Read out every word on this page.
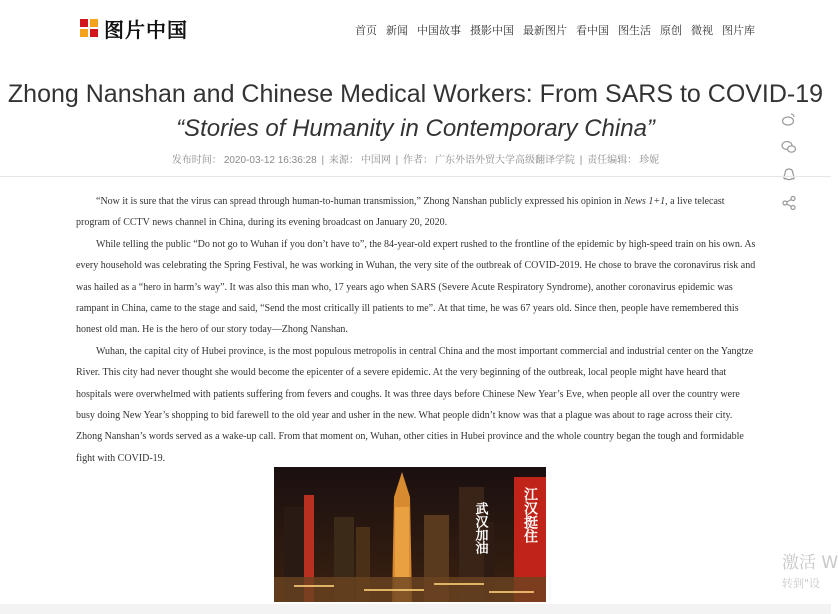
图片中国	首页 新闻 中国故事 摄影中国 最新图片 看中国 图生活 原创 微视 图片库
Zhong Nanshan and Chinese Medical Workers: From SARS to COVID-19
“Stories of Humanity in Contemporary China”
发布时间： 2020-03-12 16:36:28 | 来源： 中国网 | 作者： 广东外语外贸大学高级翻译学院 | 责任编辑： 珍妮

“Now it is sure that the virus can spread through human-to-human transmission,” Zhong Nanshan publicly expressed his opinion in News 1+1, a live telecast program of CCTV news channel in China, during its evening broadcast on January 20, 2020.

While telling the public “Do not go to Wuhan if you don’t have to”, the 84-year-old expert rushed to the frontline of the epidemic by high-speed train on his own. As every household was celebrating the Spring Festival, he was working in Wuhan, the very site of the outbreak of COVID-2019. He chose to brave the coronavirus risk and was hailed as a “hero in harm’s way”. It was also this man who, 17 years ago when SARS (Severe Acute Respiratory Syndrome), another coronavirus epidemic was rampant in China, came to the stage and said, “Send the most critically ill patients to me”. At that time, he was 67 years old. Since then, people have remembered this honest old man. He is the hero of our story today—Zhong Nanshan.

Wuhan, the capital city of Hubei province, is the most populous metropolis in central China and the most important commercial and industrial center on the Yangtze River. This city had never thought she would become the epicenter of a severe epidemic. At the very beginning of the outbreak, local people might have heard that hospitals were overwhelmed with patients suffering from fevers and coughs. It was three days before Chinese New Year’s Eve, when people all over the country were busy doing New Year’s shopping to bid farewell to the old year and usher in the new. What people didn’t know was that a plague was about to rage across their city. Zhong Nanshan’s words served as a wake-up call. From that moment on, Wuhan, other cities in Hubei province and the whole country began the tough and formidable fight with COVID-19.

武汉加油 江汉挺住
激活 W
转到"设
